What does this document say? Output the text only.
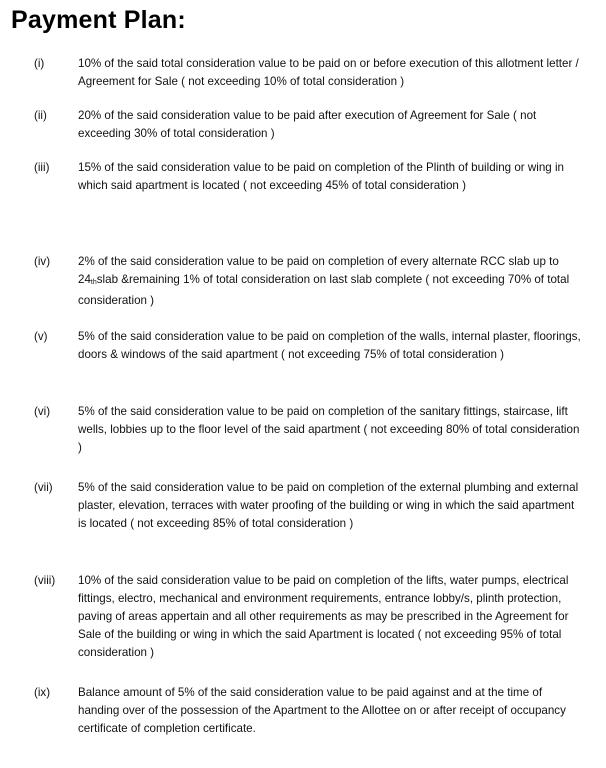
Payment Plan:
(i)	10% of the said total consideration value to be paid on or before execution of this allotment letter / Agreement for Sale ( not exceeding 10% of total consideration )

(ii)	20% of the said consideration value to be paid after execution of Agreement for Sale ( not exceeding 30% of total consideration )

(iii) 15% of the said consideration value to be paid on completion of the Plinth of building or wing in which said apartment is located ( not exceeding 45% of total consideration )

(iv) 2% of the said consideration value to be paid on completion of every alternate RCC slab up to $24_{th}slab$ &remaining 1% of total consideration on last slab complete ( not exceeding 70% of total consideration )

(v)	5% of the said consideration value to be paid on completion of the walls, internal plaster, floorings, doors & windows of the said apartment ( not exceeding 75% of total consideration )

(vi) 5% of the said consideration value to be paid on completion of the sanitary fittings, staircase, lift wells, lobbies up to the floor level of the said apartment ( not exceeding 80% of total consideration )

(vii) 5% of the said consideration value to be paid on completion of the external plumbing and external plaster, elevation, terraces with water proofing of the building or wing in which the said apartment is located ( not exceeding 85% of total consideration )

(viii) 10% of the said consideration value to be paid on completion of the lifts, water pumps, electrical fittings, electro, mechanical and environment requirements, entrance lobby/s, plinth protection, paving of areas appertain and all other requirements as may be prescribed in the Agreement for Sale of the building or wing in which the said Apartment is located ( not exceeding 95% of total consideration )

(ix) Balance amount of 5% of the said consideration value to be paid against and at the time of handing over of the possession of the Apartment to the Allottee on or after receipt of occupancy certificate of completion certificate.
